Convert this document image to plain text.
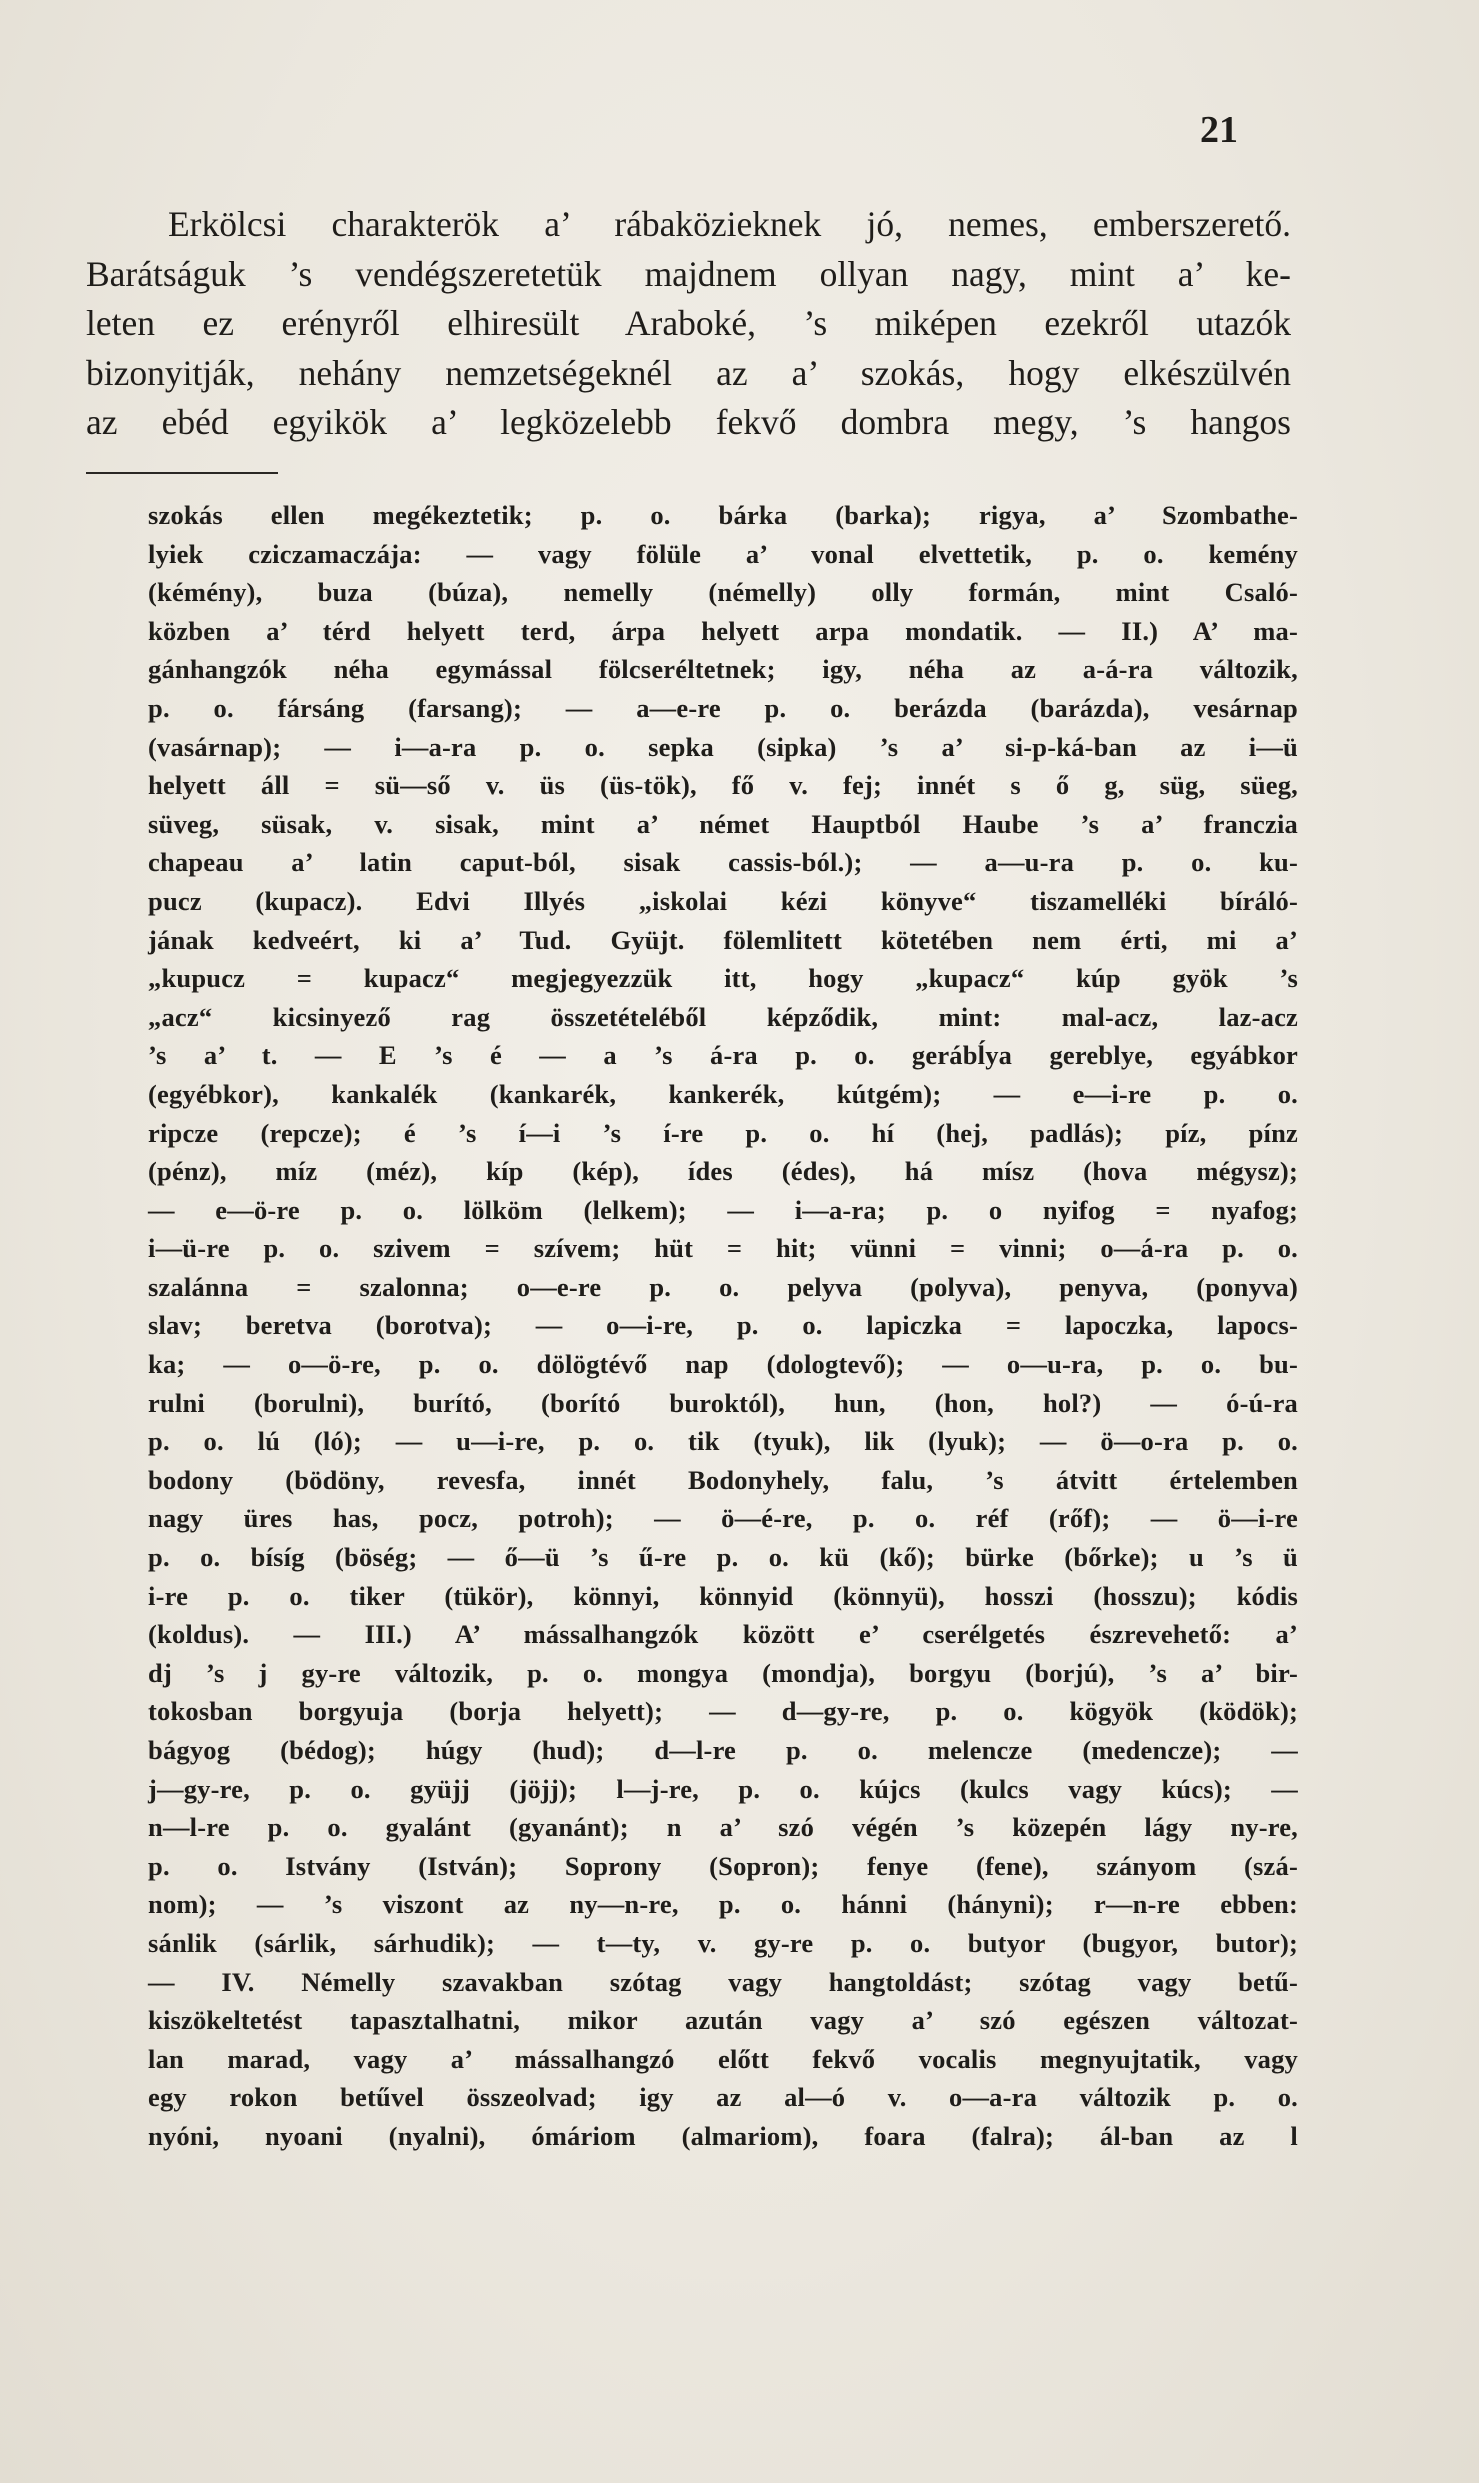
21
Erkölcsi charakterök a’ rábaközieknek jó, nemes, emberszerető.
Barátságuk ’s vendégszeretetük majdnem ollyan nagy, mint a’ ke-
leten ez erényről elhiresült Araboké, ’s miképen ezekről utazók
bizonyitják, nehány nemzetségeknél az a’ szokás, hogy elkészülvén
az ebéd egyikök a’ legközelebb fekvő dombra megy, ’s hangos
szokás ellen megékeztetik; p. o. bárka (barka); rigya, a’ Szombathe-
lyiek cziczamaczája: — vagy fölüle a’ vonal elvettetik, p. o. kemény
(kémény), buza (búza), nemelly (némelly) olly formán, mint Csaló-
közben a’ térd helyett terd, árpa helyett arpa mondatik. — II.) A’ ma-
gánhangzók néha egymással fölcseréltetnek; igy, néha az a-á-ra változik,
p. o. fársáng (farsang); — a—e-re p. o. berázda (barázda), vesárnap
(vasárnap); — i—a-ra p. o. sepka (sipka) ’s a’ si-p-ká-ban az i—ü
helyett áll = sü—ső v. üs (üs-tök), fő v. fej; innét s ő g, süg, süeg,
süveg, süsak, v. sisak, mint a’ német Hauptból Haube ’s a’ franczia
chapeau a’ latin caput-ból, sisak cassis-ból.); — a—u-ra p. o. ku-
pucz (kupacz). Edvi Illyés „iskolai kézi könyve“ tiszamelléki bíráló-
jának kedveért, ki a’ Tud. Gyüjt. fölemlitett kötetében nem érti, mi a’
„kupucz = kupacz“ megjegyezzük itt, hogy „kupacz“ kúp gyök ’s
„acz“ kicsinyező rag összetételéből képződik, mint: mal-acz, laz-acz
’s a’ t. — E ’s é — a ’s á-ra p. o. gerábĺya gereblye, egyábkor
(egyébkor), kankalék (kankarék, kankerék, kútgém); — e—i-re p. o.
ripcze (repcze); é ’s í—i ’s í-re p. o. hí (hej, padlás); píz, pínz
(pénz), míz (méz), kíp (kép), ídes (édes), há mísz (hova mégysz);
— e—ö-re p. o. lölköm (lelkem); — i—a-ra; p. o nyifog = nyafog;
i—ü-re p. o. szivem = szívem; hüt = hit; vünni = vinni; o—á-ra p. o.
szalánna = szalonna; o—e-re p. o. pelyva (polyva), penyva, (ponyva)
slav; beretva (borotva); — o—i-re, p. o. lapiczka = lapoczka, lapocs-
ka; — o—ö-re, p. o. dölögtévő nap (dologtevő); — o—u-ra, p. o. bu-
rulni (borulni), burító, (borító buroktól), hun, (hon, hol?) — ó-ú-ra
p. o. lú (ló); — u—i-re, p. o. tik (tyuk), lik (lyuk); — ö—o-ra p. o.
bodony (bödöny, revesfa, innét Bodonyhely, falu, ’s átvitt értelemben
nagy üres has, pocz, potroh); — ö—é-re, p. o. réf (rőf); — ö—i-re
p. o. bísíg (böség; — ő—ü ’s ű-re p. o. kü (kő); bürke (bőrke); u ’s ü
i-re p. o. tiker (tükör), könnyi, könnyid (könnyü), hosszi (hosszu); kódis
(koldus). — III.) A’ mássalhangzók között e’ cserélgetés észrevehető: a’
dj ’s j gy-re változik, p. o. mongya (mondja), borgyu (borjú), ’s a’ bir-
tokosban borgyuja (borja helyett); — d—gy-re, p. o. kögyök (ködök);
bágyog (bédog); húgy (hud); d—l-re p. o. melencze (medencze); —
j—gy-re, p. o. gyüjj (jöjj); l—j-re, p. o. kújcs (kulcs vagy kúcs); —
n—l-re p. o. gyalánt (gyanánt); n a’ szó végén ’s közepén lágy ny-re,
p. o. Istvány (István); Soprony (Sopron); fenye (fene), szányom (szá-
nom); — ’s viszont az ny—n-re, p. o. hánni (hányni); r—n-re ebben:
sánlik (sárlik, sárhudik); — t—ty, v. gy-re p. o. butyor (bugyor, butor);
— IV. Némelly szavakban szótag vagy hangtoldást; szótag vagy betű-
kiszökeltetést tapasztalhatni, mikor azután vagy a’ szó egészen változat-
lan marad, vagy a’ mássalhangzó előtt fekvő vocalis megnyujtatik, vagy
egy rokon betűvel összeolvad; igy az al—ó v. o—a-ra változik p. o.
nyóni, nyoani (nyalni), ómáriom (almariom), foara (falra); ál-ban az l
